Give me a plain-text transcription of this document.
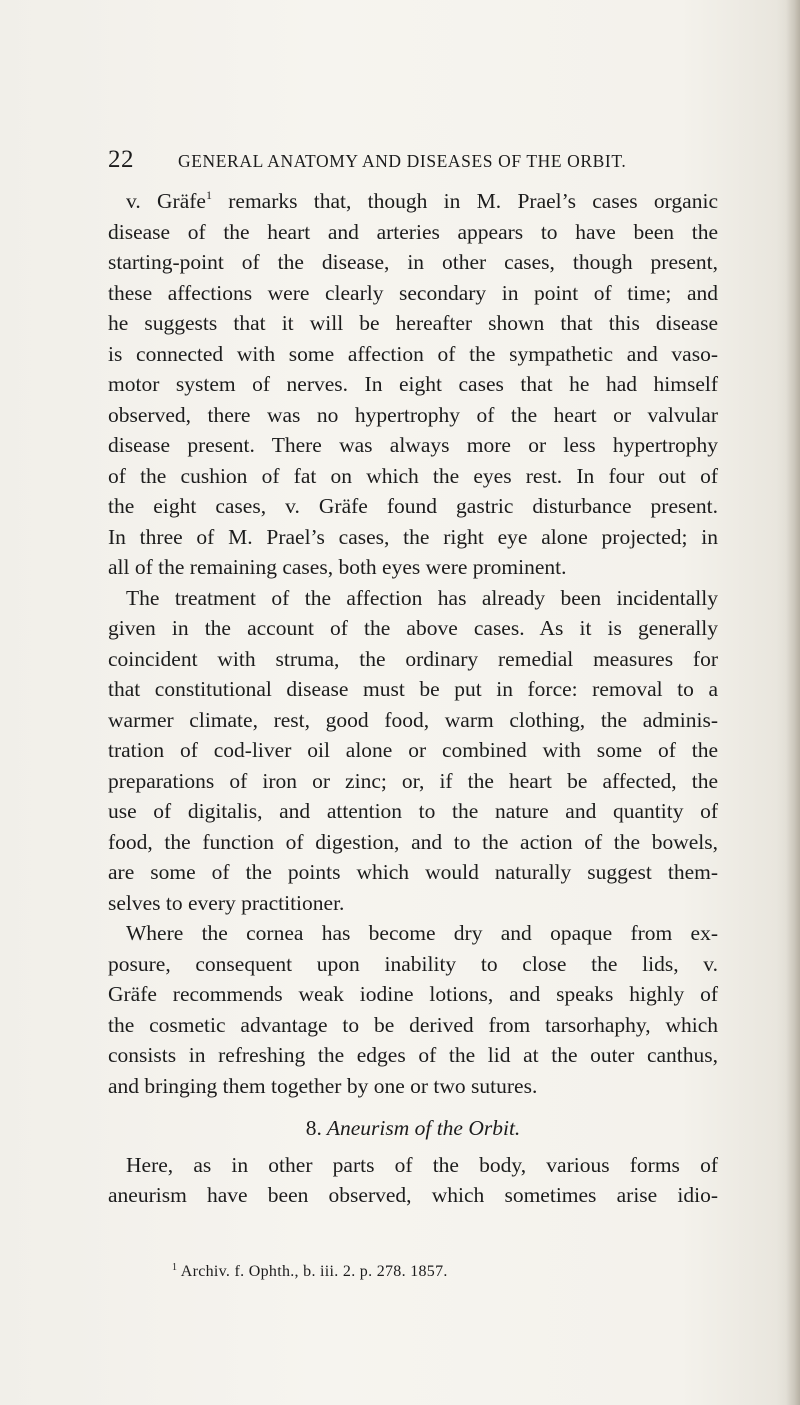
22	GENERAL ANATOMY AND DISEASES OF THE ORBIT.
v. Gräfe$^1$ remarks that, though in M. Prael’s cases organic
disease of the heart and arteries appears to have been the
starting-point of the disease, in other cases, though present,
these affections were clearly secondary in point of time; and
he suggests that it will be hereafter shown that this disease
is connected with some affection of the sympathetic and vaso-
motor system of nerves. In eight cases that he had himself
observed, there was no hypertrophy of the heart or valvular
disease present. There was always more or less hypertrophy
of the cushion of fat on which the eyes rest. In four out of
the eight cases, v. Gräfe found gastric disturbance present.
In three of M. Prael’s cases, the right eye alone projected; in
all of the remaining cases, both eyes were prominent.
The treatment of the affection has already been incidentally
given in the account of the above cases. As it is generally
coincident with struma, the ordinary remedial measures for
that constitutional disease must be put in force: removal to a
warmer climate, rest, good food, warm clothing, the adminis-
tration of cod-liver oil alone or combined with some of the
preparations of iron or zinc; or, if the heart be affected, the
use of digitalis, and attention to the nature and quantity of
food, the function of digestion, and to the action of the bowels,
are some of the points which would naturally suggest them-
selves to every practitioner.
Where the cornea has become dry and opaque from ex-
posure, consequent upon inability to close the lids, v.
Gräfe recommends weak iodine lotions, and speaks highly of
the cosmetic advantage to be derived from tarsorhaphy, which
consists in refreshing the edges of the lid at the outer canthus,
and bringing them together by one or two sutures.
8. Aneurism of the Orbit.
Here, as in other parts of the body, various forms of
aneurism have been observed, which sometimes arise idio-
$^1$ Archiv. f. Ophth., b. iii. 2. p. 278. 1857.
